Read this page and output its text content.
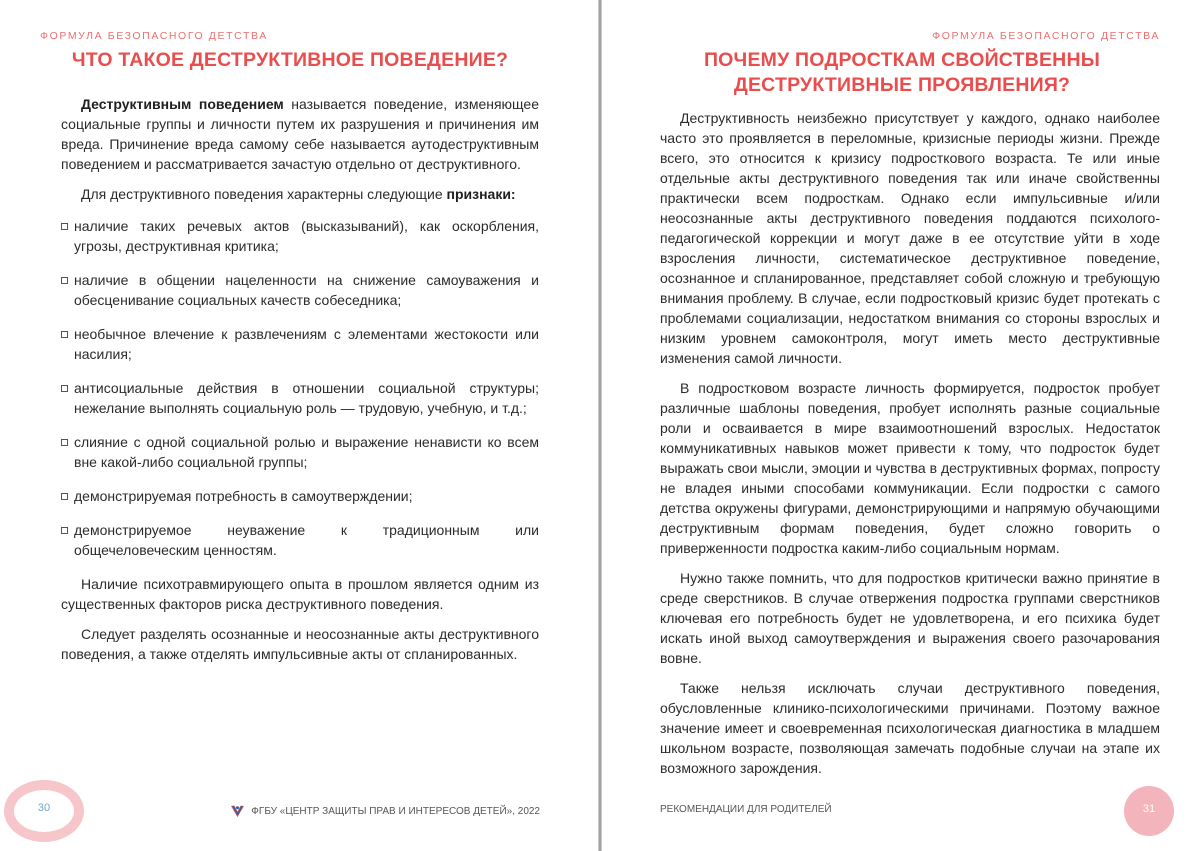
ФОРМУЛА БЕЗОПАСНОГО ДЕТСТВА
ЧТО ТАКОЕ ДЕСТРУКТИВНОЕ ПОВЕДЕНИЕ?

Деструктивным поведением называется поведение, изменяющее социальные группы и личности путем их разрушения и причинения им вреда. Причинение вреда самому себе называется аутодеструктивным поведением и рассматривается зачастую отдельно от деструктивного.

Для деструктивного поведения характерны следующие признаки:

наличие таких речевых актов (высказываний), как оскорбления, угрозы, деструктивная критика;
наличие в общении нацеленности на снижение самоуважения и обесценивание социальных качеств собеседника;
необычное влечение к развлечениям с элементами жестокости или насилия;
антисоциальные действия в отношении социальной структуры; нежелание выполнять социальную роль — трудовую, учебную, и т.д.;
слияние с одной социальной ролью и выражение ненависти ко всем вне какой-либо социальной группы;
демонстрируемая потребность в самоутверждении;
демонстрируемое неуважение к традиционным или общечеловеческим ценностям.

Наличие психотравмирующего опыта в прошлом является одним из существенных факторов риска деструктивного поведения.

Следует разделять осознанные и неосознанные акты деструктивного поведения, а также отделять импульсивные акты от спланированных.

30	ФГБУ «ЦЕНТР ЗАЩИТЫ ПРАВ И ИНТЕРЕСОВ ДЕТЕЙ», 2022
ФОРМУЛА БЕЗОПАСНОГО ДЕТСТВА
ПОЧЕМУ ПОДРОСТКАМ СВОЙСТВЕННЫ
ДЕСТРУКТИВНЫЕ ПРОЯВЛЕНИЯ?

Деструктивность неизбежно присутствует у каждого, однако наиболее часто это проявляется в переломные, кризисные периоды жизни. Прежде всего, это относится к кризису подросткового возраста. Те или иные отдельные акты деструктивного поведения так или иначе свойственны практически всем подросткам. Однако если импульсивные и/или неосознанные акты деструктивного поведения поддаются психолого-педагогической коррекции и могут даже в ее отсутствие уйти в ходе взросления личности, систематическое деструктивное поведение, осознанное и спланированное, представляет собой сложную и требующую внимания проблему. В случае, если подростковый кризис будет протекать с проблемами социализации, недостатком внимания со стороны взрослых и низким уровнем самоконтроля, могут иметь место деструктивные изменения самой личности.

В подростковом возрасте личность формируется, подросток пробует различные шаблоны поведения, пробует исполнять разные социальные роли и осваивается в мире взаимоотношений взрослых. Недостаток коммуникативных навыков может привести к тому, что подросток будет выражать свои мысли, эмоции и чувства в деструктивных формах, попросту не владея иными способами коммуникации. Если подростки с самого детства окружены фигурами, демонстрирующими и напрямую обучающими деструктивным формам поведения, будет сложно говорить о приверженности подростка каким-либо социальным нормам.

Нужно также помнить, что для подростков критически важно принятие в среде сверстников. В случае отвержения подростка группами сверстников ключевая его потребность будет не удовлетворена, и его психика будет искать иной выход самоутверждения и выражения своего разочарования вовне.

Также нельзя исключать случаи деструктивного поведения, обусловленные клинико-психологическими причинами. Поэтому важное значение имеет и своевременная психологическая диагностика в младшем школьном возрасте, позволяющая замечать подобные случаи на этапе их возможного зарождения.

РЕКОМЕНДАЦИИ ДЛЯ РОДИТЕЛЕЙ	31
